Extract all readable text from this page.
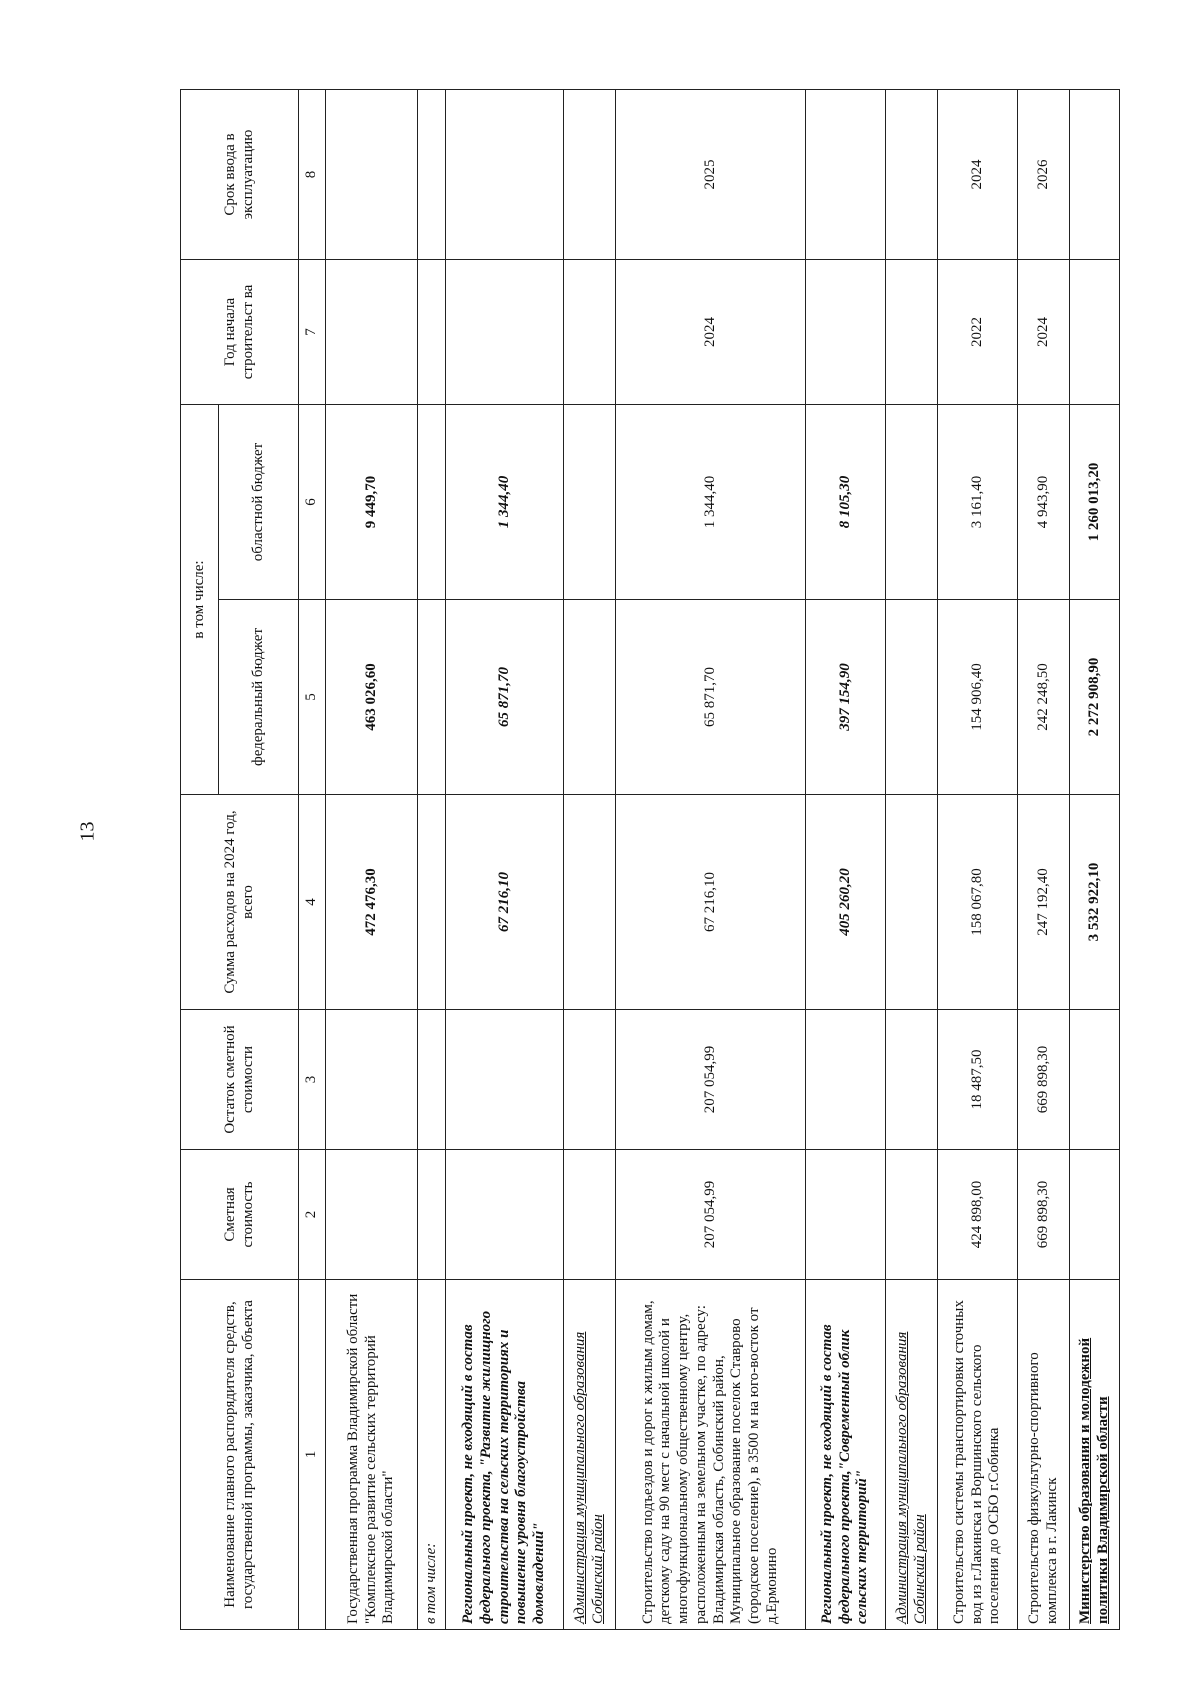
13
Наименование главного распорядителя средств, государственной программы, заказчика, объекта	Сметная стоимость	Остаток сметной стоимости	Сумма расходов на 2024 год, всего	в том числе:		Год начала строительст ва	Срок ввода в эксплуатацию
				федеральный бюджет	областной бюджет		
1	2	3	4	5	6	7	8
Государственная программа Владимирской области "Комплексное развитие сельских территорий Владимирской области"			472 476,30	463 026,60	9 449,70		
в том числе:							
Региональный проект, не входящий в состав федерального проекта, "Развитие жилищного строительства на сельских территориях и повышение уровня благоустройства домовладений"			67 216,10	65 871,70	1 344,40		
Администрация муниципального образования Собинский район							
Строительство подъездов и дорог к жилым домам, детскому саду на 90 мест с начальной школой и многофункциональному общественному центру, расположенным на земельном участке, по адресу: Владимирская область, Собинский район, Муниципальное образование поселок Ставрово (городское поселение), в 3500 м на юго-восток от д.Ермонино	207 054,99	207 054,99	67 216,10	65 871,70	1 344,40	2024	2025
Региональный проект, не входящий в состав федерального проекта,"Современный облик сельских территорий"			405 260,20	397 154,90	8 105,30		
Администрация муниципального образования Собинский район							
Строительство системы транспортировки сточных вод из г.Лакинска и Воршинского сельского поселения до ОСБО г.Собинка	424 898,00	18 487,50	158 067,80	154 906,40	3 161,40	2022	2024
Строительство физкультурно-спортивного комплекса в г. Лакинск	669 898,30	669 898,30	247 192,40	242 248,50	4 943,90	2024	2026
Министерство образования и молодежной политики Владимирской области			3 532 922,10	2 272 908,90	1 260 013,20		
